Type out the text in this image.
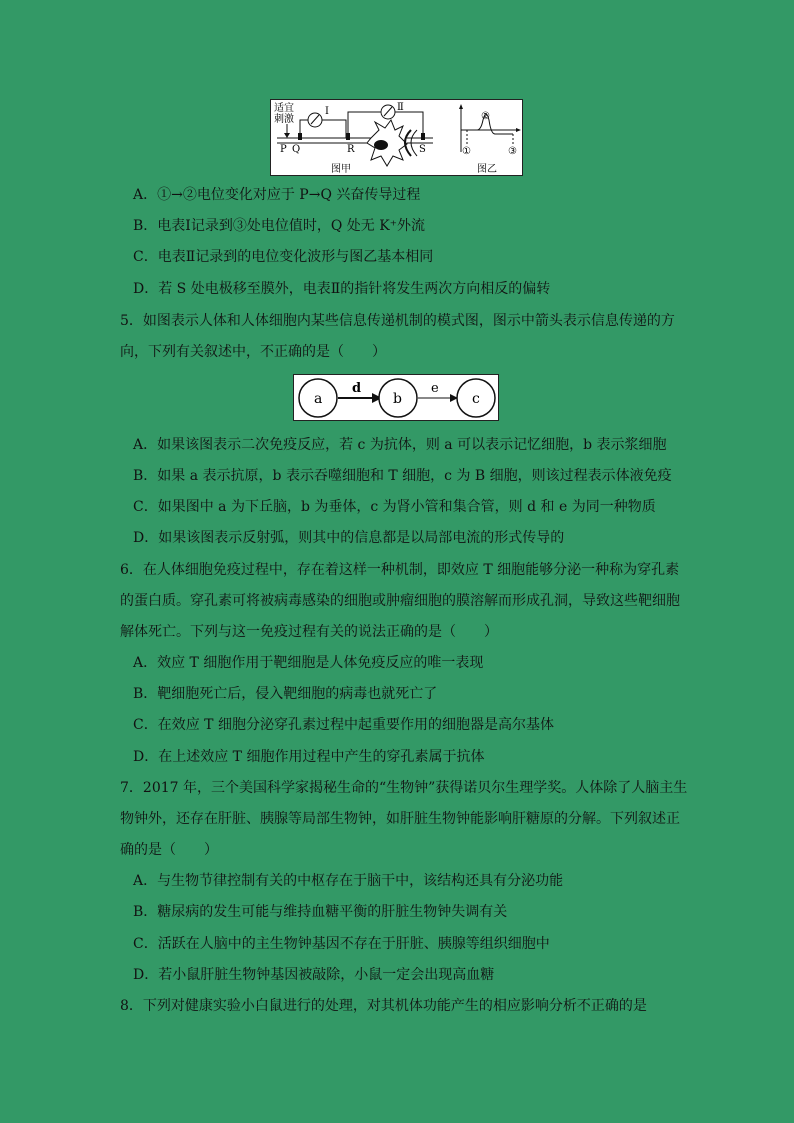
适宜
刺激
Ⅰ
P Q
Ⅱ
R	S
图甲
②
①	③
图乙
A．①→②电位变化对应于 P→Q 兴奋传导过程
B．电表Ⅰ记录到③处电位值时，Q 处无 K⁺外流
C．电表Ⅱ记录到的电位变化波形与图乙基本相同
D．若 S 处电极移至膜外，电表Ⅱ的指针将发生两次方向相反的偏转
5．如图表示人体和人体细胞内某些信息传递机制的模式图，图示中箭头表示信息传递的方
向，下列有关叙述中，不正确的是（　　）
a
d
b
e
c
A．如果该图表示二次免疫反应，若 c 为抗体，则 a 可以表示记忆细胞，b 表示浆细胞
B．如果 a 表示抗原，b 表示吞噬细胞和 T 细胞，c 为 B 细胞，则该过程表示体液免疫
C．如果图中 a 为下丘脑，b 为垂体，c 为肾小管和集合管，则 d 和 e 为同一种物质
D．如果该图表示反射弧，则其中的信息都是以局部电流的形式传导的
6．在人体细胞免疫过程中，存在着这样一种机制，即效应 T 细胞能够分泌一种称为穿孔素
的蛋白质。穿孔素可将被病毒感染的细胞或肿瘤细胞的膜溶解而形成孔洞，导致这些靶细胞
解体死亡。下列与这一免疫过程有关的说法正确的是（　　）
A．效应 T 细胞作用于靶细胞是人体免疫反应的唯一表现
B．靶细胞死亡后，侵入靶细胞的病毒也就死亡了
C．在效应 T 细胞分泌穿孔素过程中起重要作用的细胞器是高尔基体
D．在上述效应 T 细胞作用过程中产生的穿孔素属于抗体
7．2017 年，三个美国科学家揭秘生命的“生物钟”获得诺贝尔生理学奖。人体除了人脑主生
物钟外，还存在肝脏、胰腺等局部生物钟，如肝脏生物钟能影响肝糖原的分解。下列叙述正
确的是（　　）
A．与生物节律控制有关的中枢存在于脑干中，该结构还具有分泌功能
B．糖尿病的发生可能与维持血糖平衡的肝脏生物钟失调有关
C．活跃在人脑中的主生物钟基因不存在于肝脏、胰腺等组织细胞中
D．若小鼠肝脏生物钟基因被敲除，小鼠一定会出现高血糖
8．下列对健康实验小白鼠进行的处理，对其机体功能产生的相应影响分析不正确的是
